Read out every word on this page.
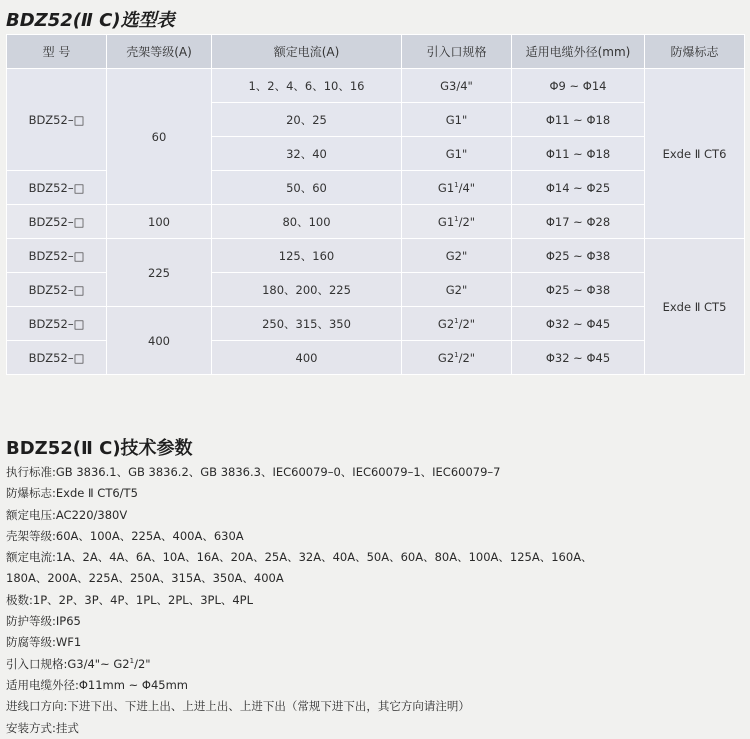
BDZ52(Ⅱ C)选型表
型 号	壳架等级(A)	额定电流(A)	引入口规格	适用电缆外径(mm)	防爆标志
BDZ52–□	60	1、2、4、6、10、16	G3/4"	Φ9 ~ Φ14	Exde Ⅱ CT6
		20、25	G1"	Φ11 ~ Φ18	
		32、40	G1"	Φ11 ~ Φ18	
BDZ52–□		50、60	$G1^1/4$"	Φ14 ~ Φ25	
BDZ52–□	100	80、100	$G1^1/2$"	Φ17 ~ Φ28	
BDZ52–□	225	125、160	G2"	Φ25 ~ Φ38	Exde Ⅱ CT5
BDZ52–□		180、200、225	G2"	Φ25 ~ Φ38	
BDZ52–□	400	250、315、350	$G2^1/2$"	Φ32 ~ Φ45	
BDZ52–□		400	$G2^1/2$"	Φ32 ~ Φ45	
BDZ52(Ⅱ C)技术参数
执行标准:GB 3836.1、GB 3836.2、GB 3836.3、IEC60079–0、IEC60079–1、IEC60079–7
防爆标志:Exde Ⅱ CT6/T5
额定电压:AC220/380V
壳架等级:60A、100A、225A、400A、630A
额定电流:1A、2A、4A、6A、10A、16A、20A、25A、32A、40A、50A、60A、80A、100A、125A、160A、
180A、200A、225A、250A、315A、350A、400A
极数:1P、2P、3P、4P、1PL、2PL、3PL、4PL
防护等级:IP65
防腐等级:WF1
引入口规格:G3/4"~ $G2^1/2$"
适用电缆外径:Φ11mm ~ Φ45mm
进线口方向:下进下出、下进上出、上进上出、上进下出（常规下进下出，其它方向请注明）
安装方式:挂式
